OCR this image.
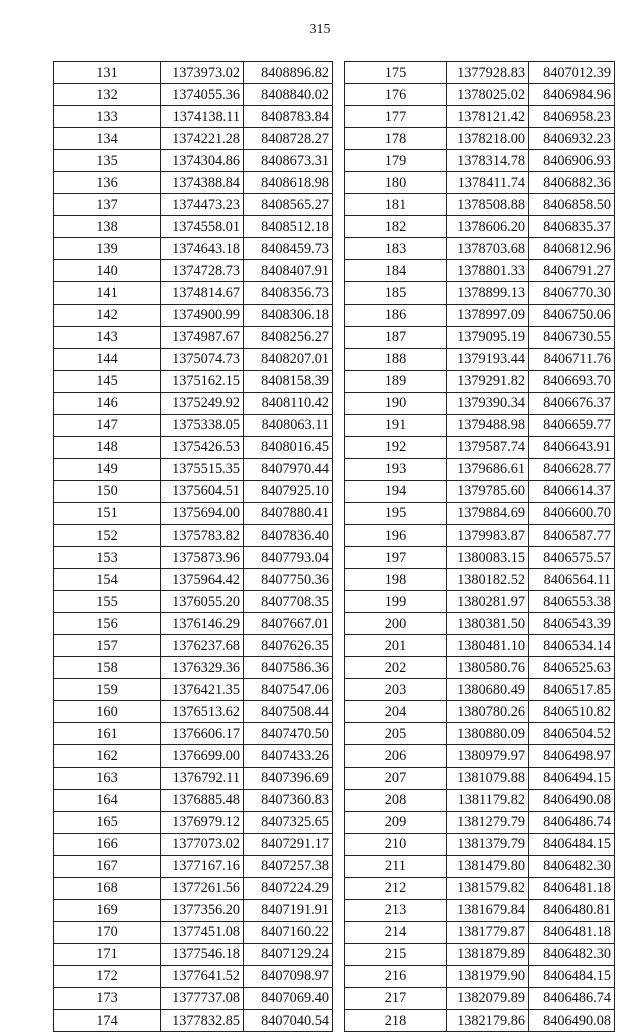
315
131	1373973.02	8408896.82
132	1374055.36	8408840.02
133	1374138.11	8408783.84
134	1374221.28	8408728.27
135	1374304.86	8408673.31
136	1374388.84	8408618.98
137	1374473.23	8408565.27
138	1374558.01	8408512.18
139	1374643.18	8408459.73
140	1374728.73	8408407.91
141	1374814.67	8408356.73
142	1374900.99	8408306.18
143	1374987.67	8408256.27
144	1375074.73	8408207.01
145	1375162.15	8408158.39
146	1375249.92	8408110.42
147	1375338.05	8408063.11
148	1375426.53	8408016.45
149	1375515.35	8407970.44
150	1375604.51	8407925.10
151	1375694.00	8407880.41
152	1375783.82	8407836.40
153	1375873.96	8407793.04
154	1375964.42	8407750.36
155	1376055.20	8407708.35
156	1376146.29	8407667.01
157	1376237.68	8407626.35
158	1376329.36	8407586.36
159	1376421.35	8407547.06
160	1376513.62	8407508.44
161	1376606.17	8407470.50
162	1376699.00	8407433.26
163	1376792.11	8407396.69
164	1376885.48	8407360.83
165	1376979.12	8407325.65
166	1377073.02	8407291.17
167	1377167.16	8407257.38
168	1377261.56	8407224.29
169	1377356.20	8407191.91
170	1377451.08	8407160.22
171	1377546.18	8407129.24
172	1377641.52	8407098.97
173	1377737.08	8407069.40
174	1377832.85	8407040.54
175	1377928.83	8407012.39
176	1378025.02	8406984.96
177	1378121.42	8406958.23
178	1378218.00	8406932.23
179	1378314.78	8406906.93
180	1378411.74	8406882.36
181	1378508.88	8406858.50
182	1378606.20	8406835.37
183	1378703.68	8406812.96
184	1378801.33	8406791.27
185	1378899.13	8406770.30
186	1378997.09	8406750.06
187	1379095.19	8406730.55
188	1379193.44	8406711.76
189	1379291.82	8406693.70
190	1379390.34	8406676.37
191	1379488.98	8406659.77
192	1379587.74	8406643.91
193	1379686.61	8406628.77
194	1379785.60	8406614.37
195	1379884.69	8406600.70
196	1379983.87	8406587.77
197	1380083.15	8406575.57
198	1380182.52	8406564.11
199	1380281.97	8406553.38
200	1380381.50	8406543.39
201	1380481.10	8406534.14
202	1380580.76	8406525.63
203	1380680.49	8406517.85
204	1380780.26	8406510.82
205	1380880.09	8406504.52
206	1380979.97	8406498.97
207	1381079.88	8406494.15
208	1381179.82	8406490.08
209	1381279.79	8406486.74
210	1381379.79	8406484.15
211	1381479.80	8406482.30
212	1381579.82	8406481.18
213	1381679.84	8406480.81
214	1381779.87	8406481.18
215	1381879.89	8406482.30
216	1381979.90	8406484.15
217	1382079.89	8406486.74
218	1382179.86	8406490.08
